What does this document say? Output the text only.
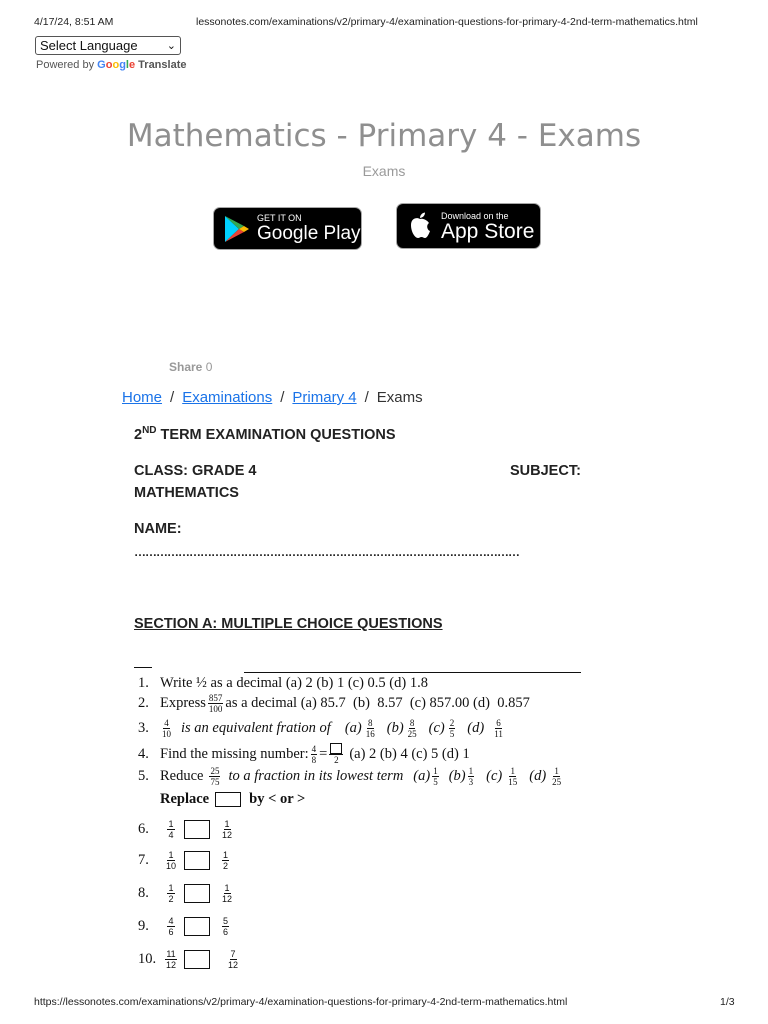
4/17/24, 8:51 AM	lessonotes.com/examinations/v2/primary-4/examination-questions-for-primary-4-2nd-term-mathematics.html
Select Language	⌄
Powered by Google Translate
Mathematics - Primary 4 - Exams
Exams
GET IT ON
Google Play
Download on the
App Store
Share 0
Home / Examinations / Primary 4 / Exams
2ND TERM EXAMINATION QUESTIONS
CLASS: GRADE 4	SUBJECT:
MATHEMATICS
NAME:
……………………………………………………………………………………………
SECTION A: MULTIPLE CHOICE QUESTIONS
1. Write ½ as a decimal (a) 2 (b) 1 (c) 0.5 (d) 1.8
2. Express $\frac{857}{100}$ as a decimal (a) 85.7  (b)  8.57  (c) 857.00 (d)  0.857
3.	$\frac{4}{10}$ is an equivalent fration of $(a) \frac{8}{16} (b) \frac{8}{25} (c) \frac{2}{5} (d) \frac{6}{11}$
4. Find the missing number: $\frac{4}{8} = 2$ (a) 2 (b) 4 (c) 5 (d) 1
5. Reduce $\frac{25}{75}$ to a fraction in its lowest term $(a) \frac{1}{5} (b) \frac{1}{3} (c) \frac{1}{15} (d) \frac{1}{25}$
Replace	by < or >
6.	$\frac{1}{4}$	$\frac{1}{12}$
7.	$\frac{1}{10}$	$\frac{1}{2}$
8.	$\frac{1}{2}$	$\frac{1}{12}$
9.	$\frac{4}{6}$	$\frac{5}{6}$
10. $\frac{11}{12}$	$\frac{7}{12}$
https://lessonotes.com/examinations/v2/primary-4/examination-questions-for-primary-4-2nd-term-mathematics.html	1/3
